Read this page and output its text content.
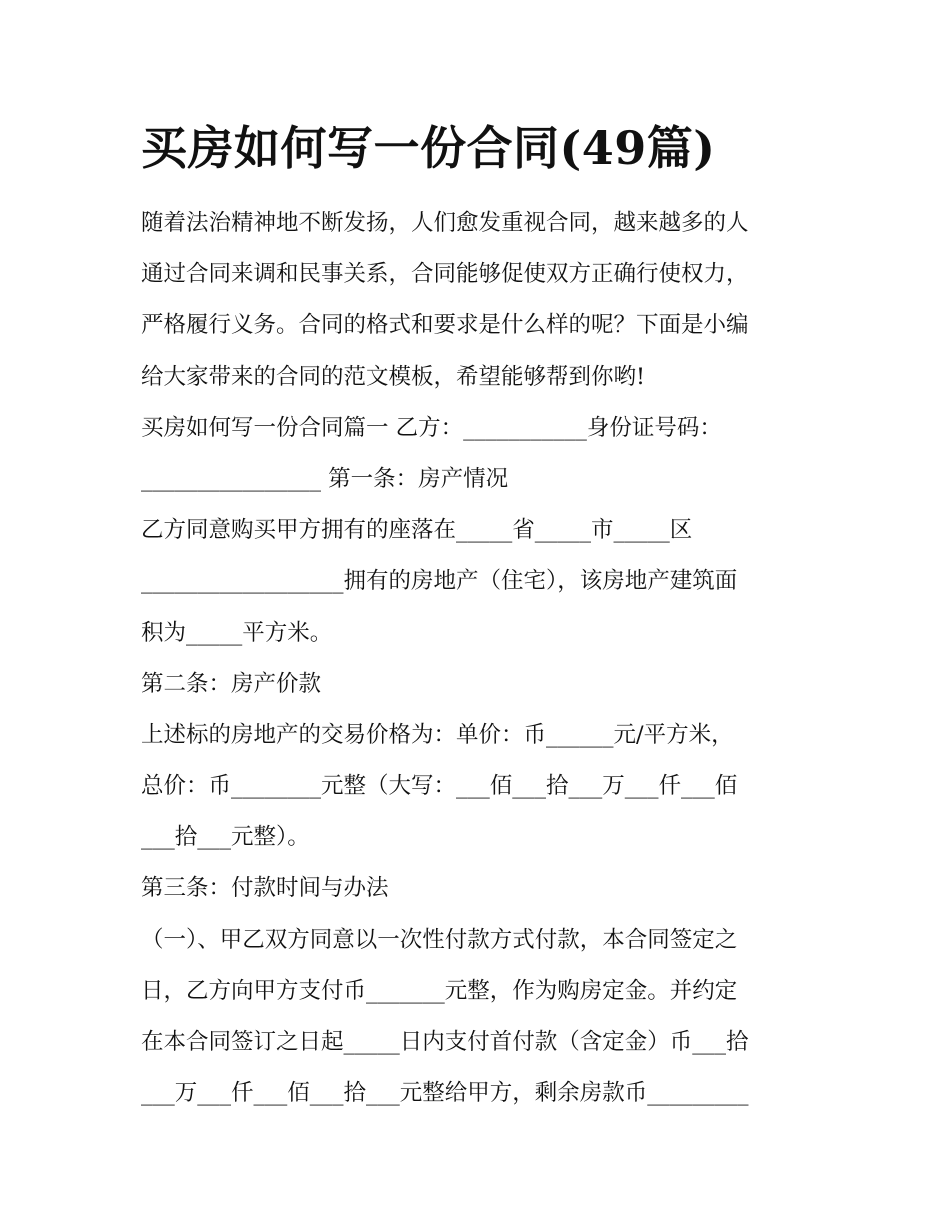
买房如何写一份合同(49篇)
随着法治精神地不断发扬，人们愈发重视合同，越来越多的人
通过合同来调和民事关系，合同能够促使双方正确行使权力，
严格履行义务。合同的格式和要求是什么样的呢？下面是小编
给大家带来的合同的范文模板，希望能够帮到你哟!
买房如何写一份合同篇一 乙方：___________身份证号码：
________________ 第一条：房产情况
乙方同意购买甲方拥有的座落在_____省_____市_____区
__________________拥有的房地产（住宅），该房地产建筑面
积为_____平方米。
第二条：房产价款
上述标的房地产的交易价格为：单价：币______元/平方米，
总价：币________元整（大写：___佰___拾___万___仟___佰
___拾___元整）。
第三条：付款时间与办法
（一）、甲乙双方同意以一次性付款方式付款，本合同签定之
日，乙方向甲方支付币_______元整，作为购房定金。并约定
在本合同签订之日起_____日内支付首付款（含定金）币___拾
___万___仟___佰___拾___元整给甲方，剩余房款币_________
